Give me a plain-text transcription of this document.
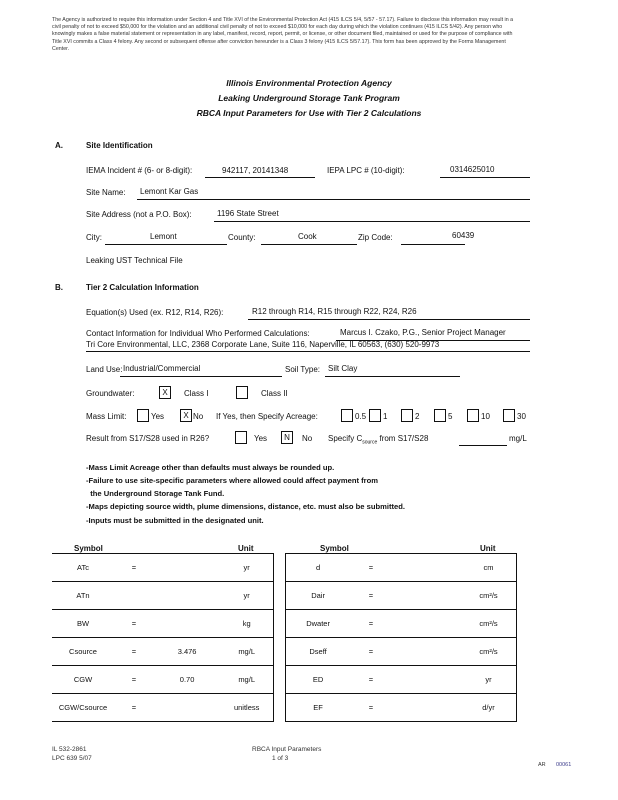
The Agency is authorized to require this information under Section 4 and Title XVI of the Environmental Protection Act (415 ILCS 5/4, 5/57 - 57.17). Failure to disclose this information may result in a civil penalty of not to exceed $50,000 for the violation and an additional civil penalty of not to exceed $10,000 for each day during which the violation continues (415 ILCS 5/42). Any person who knowingly makes a false material statement or representation in any label, manifest, record, report, permit, or license, or other document filed, maintained or used for the purpose of compliance with Title XVI commits a Class 4 felony. Any second or subsequent offense after conviction hereunder is a Class 3 felony (415 ILCS 5/57.17). This form has been approved by the Forms Management Center.
Illinois Environmental Protection Agency
Leaking Underground Storage Tank Program
RBCA Input Parameters for Use with Tier 2 Calculations
A.	Site Identification
IEMA Incident # (6- or 8-digit):	942117, 20141348	IEPA LPC # (10-digit):	0314625010
Site Name: Lemont Kar Gas
Site Address (not a P.O. Box):	1196 State Street
City:	Lemont	County:	Cook	Zip Code:	60439
Leaking UST Technical File
B.	Tier 2 Calculation Information
Equation(s) Used (ex. R12, R14, R26):	R12 through R14, R15 through R22, R24, R26
Contact Information for Individual Who Performed Calculations:	Marcus I. Czako, P.G., Senior Project Manager
Tri Core Environmental, LLC, 2368 Corporate Lane, Suite 116, Naperville, IL 60563, (630) 520-9973
Land Use: Industrial/Commercial	Soil Type: Silt Clay
Groundwater:	X	Class I	Class II
Mass Limit:	Yes	X No If Yes, then Specify Acreage:	0.5 1	2	5	10	30
Result from S17/S28 used in R26?	Yes	N	No Specify $C_{source}$ from S17/S28	mg/L
-Mass Limit Acreage other than defaults must always be rounded up.
-Failure to use site-specific parameters where allowed could affect payment from
the Underground Storage Tank Fund.
-Maps depicting source width, plume dimensions, distance, etc. must also be submitted.
-Inputs must be submitted in the designated unit.
Symbol	Unit	Symbol	Unit
ATc	=		yr
ATn			yr
BW	=		kg
Csource	=	3.476	mg/L
CGW	=	0.70	mg/L
CGW/Csource	=		unitless
d	=		cm
Dair	=		cm²/s
Dwater	=		cm²/s
Dseff	=		cm²/s
ED	=		yr
EF	=		d/yr
IL 532-2861
LPC 639 5/07
RBCA Input Parameters
1 of 3
AR 00061
